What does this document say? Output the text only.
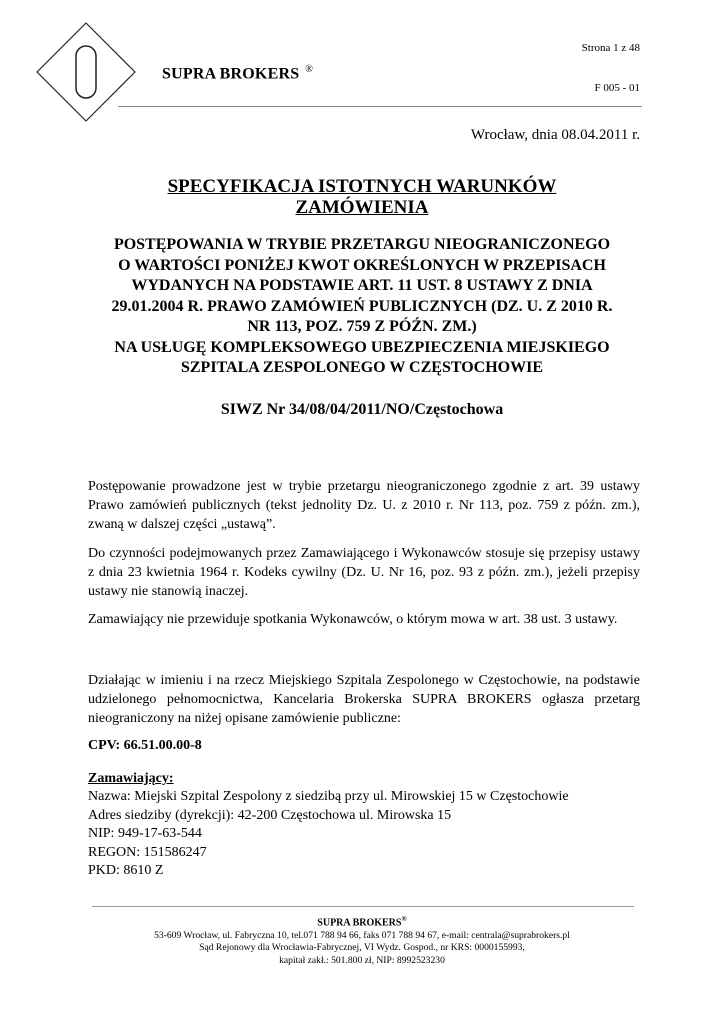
SUPRA BROKERS ®
Strona 1 z 48
F 005 - 01
Wrocław, dnia 08.04.2011 r.
SPECYFIKACJA ISTOTNYCH WARUNKÓW
ZAMÓWIENIA
POSTĘPOWANIA W TRYBIE PRZETARGU NIEOGRANICZONEGO
O WARTOŚCI PONIŻEJ KWOT OKREŚLONYCH W PRZEPISACH
WYDANYCH NA PODSTAWIE ART. 11 UST. 8 USTAWY Z DNIA
29.01.2004 R. PRAWO ZAMÓWIEŃ PUBLICZNYCH (DZ. U. Z 2010 R.
NR 113, POZ. 759 Z PÓŹN. ZM.)
NA USŁUGĘ KOMPLEKSOWEGO UBEZPIECZENIA MIEJSKIEGO
SZPITALA ZESPOLONEGO W CZĘSTOCHOWIE
SIWZ Nr 34/08/04/2011/NO/Częstochowa
Postępowanie prowadzone jest w trybie przetargu nieograniczonego zgodnie z art. 39 ustawy Prawo zamówień publicznych (tekst jednolity Dz. U. z 2010 r. Nr 113, poz. 759 z późn. zm.), zwaną w dalszej części „ustawą”.
Do czynności podejmowanych przez Zamawiającego i Wykonawców stosuje się przepisy ustawy z dnia 23 kwietnia 1964 r. Kodeks cywilny (Dz. U. Nr 16, poz. 93 z późn. zm.), jeżeli przepisy ustawy nie stanowią inaczej.
Zamawiający nie przewiduje spotkania Wykonawców, o którym mowa w art. 38 ust. 3 ustawy.
Działając w imieniu i na rzecz Miejskiego Szpitala Zespolonego w Częstochowie, na podstawie udzielonego pełnomocnictwa, Kancelaria Brokerska SUPRA BROKERS ogłasza przetarg nieograniczony na niżej opisane zamówienie publiczne:
CPV: 66.51.00.00-8
Zamawiający:
Nazwa: Miejski Szpital Zespolony z siedzibą przy ul. Mirowskiej 15 w Częstochowie
Adres siedziby (dyrekcji): 42-200 Częstochowa ul. Mirowska 15
NIP: 949-17-63-544
REGON: 151586247
PKD: 8610 Z
SUPRA BROKERS®
53-609 Wrocław, ul. Fabryczna 10, tel.071 788 94 66, faks 071 788 94 67, e-mail: centrala@suprabrokers.pl
Sąd Rejonowy dla Wrocławia-Fabrycznej, VI Wydz. Gospod., nr KRS: 0000155993,
kapitał zakł.: 501.800 zł, NIP: 8992523230
